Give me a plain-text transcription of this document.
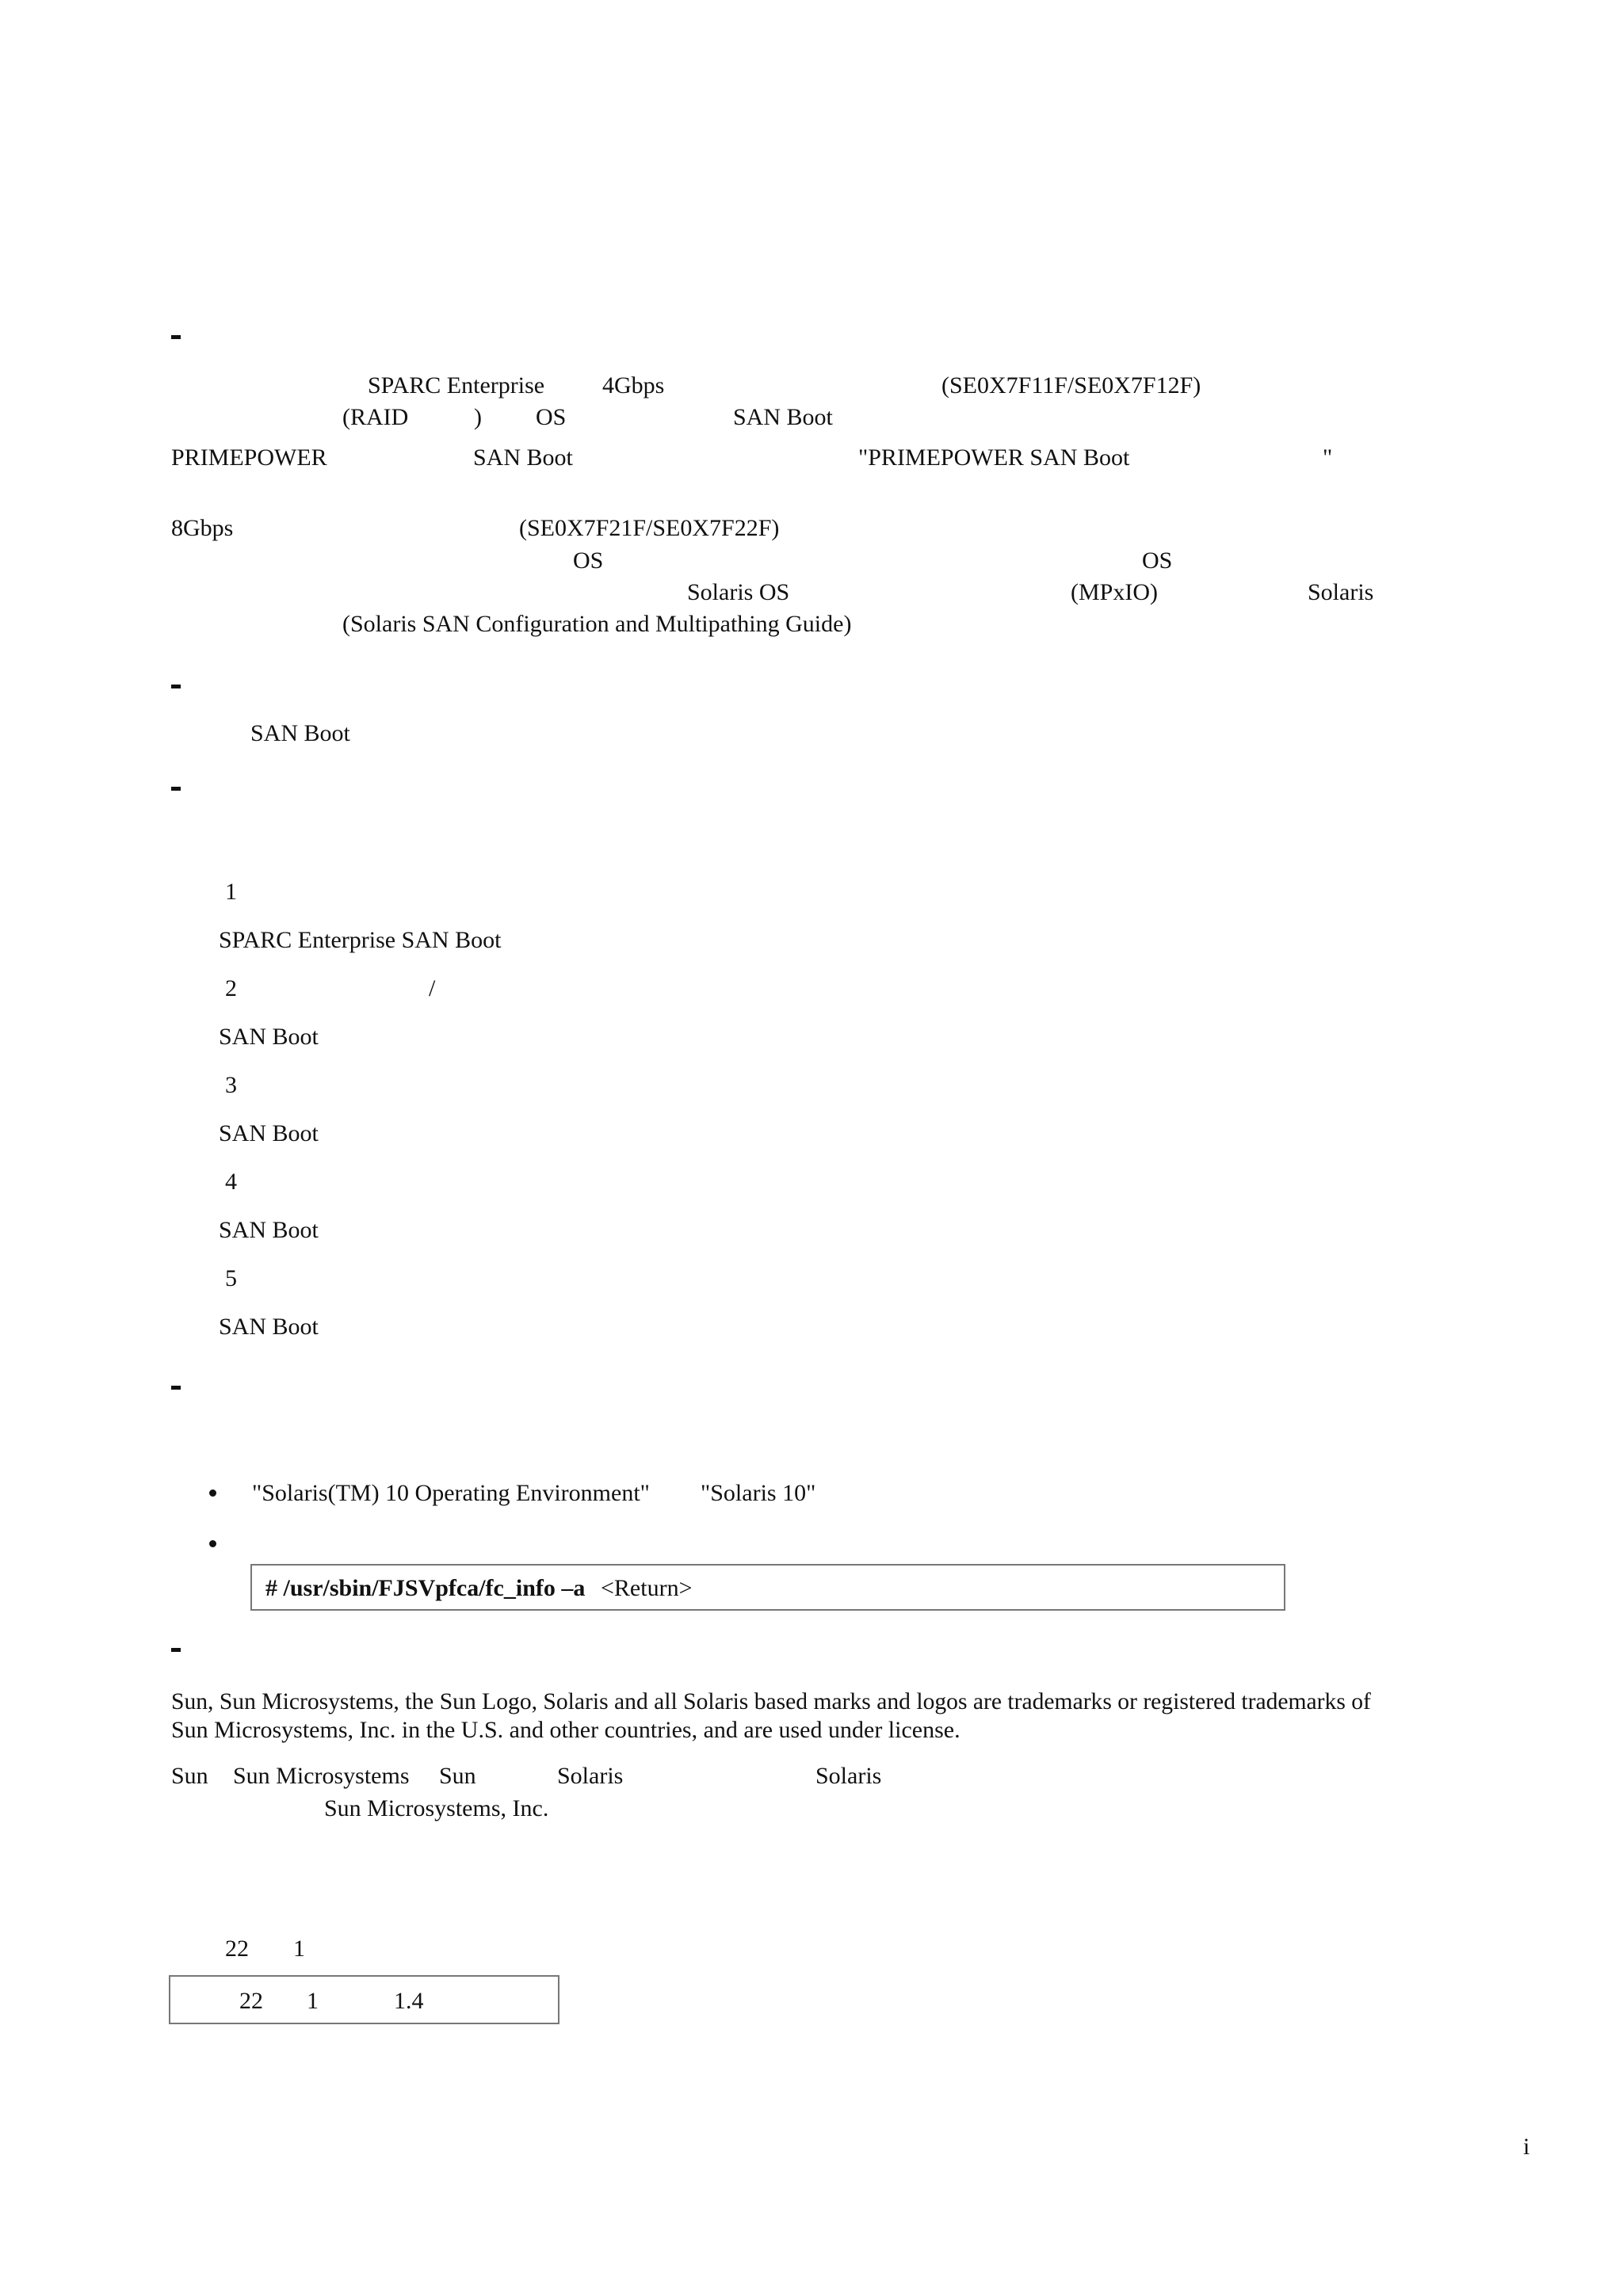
SPARC Enterprise 4Gbps	(SE0X7F11F/SE0X7F12F)
(RAID	) OS	SAN Boot
PRIMEPOWER	SAN Boot	"PRIMEPOWER SAN Boot	"
8Gbps	(SE0X7F21F/SE0X7F22F)
OS	OS
Solaris OS	(MPxIO)	Solaris
(Solaris SAN Configuration and Multipathing Guide)
SAN Boot
1
SPARC Enterprise SAN Boot
2	/
SAN Boot
3
SAN Boot
4
SAN Boot
5
SAN Boot
"Solaris(TM) 10 Operating Environment" "Solaris 10"
# /usr/sbin/FJSVpfca/fc_info –a <Return>
Sun, Sun Microsystems, the Sun Logo, Solaris and all Solaris based marks and logos are trademarks or registered trademarks of
Sun Microsystems, Inc. in the U.S. and other countries, and are used under license.
Sun Sun Microsystems Sun	Solaris	Solaris
Sun Microsystems, Inc.
22 1
22 1	1.4
i
